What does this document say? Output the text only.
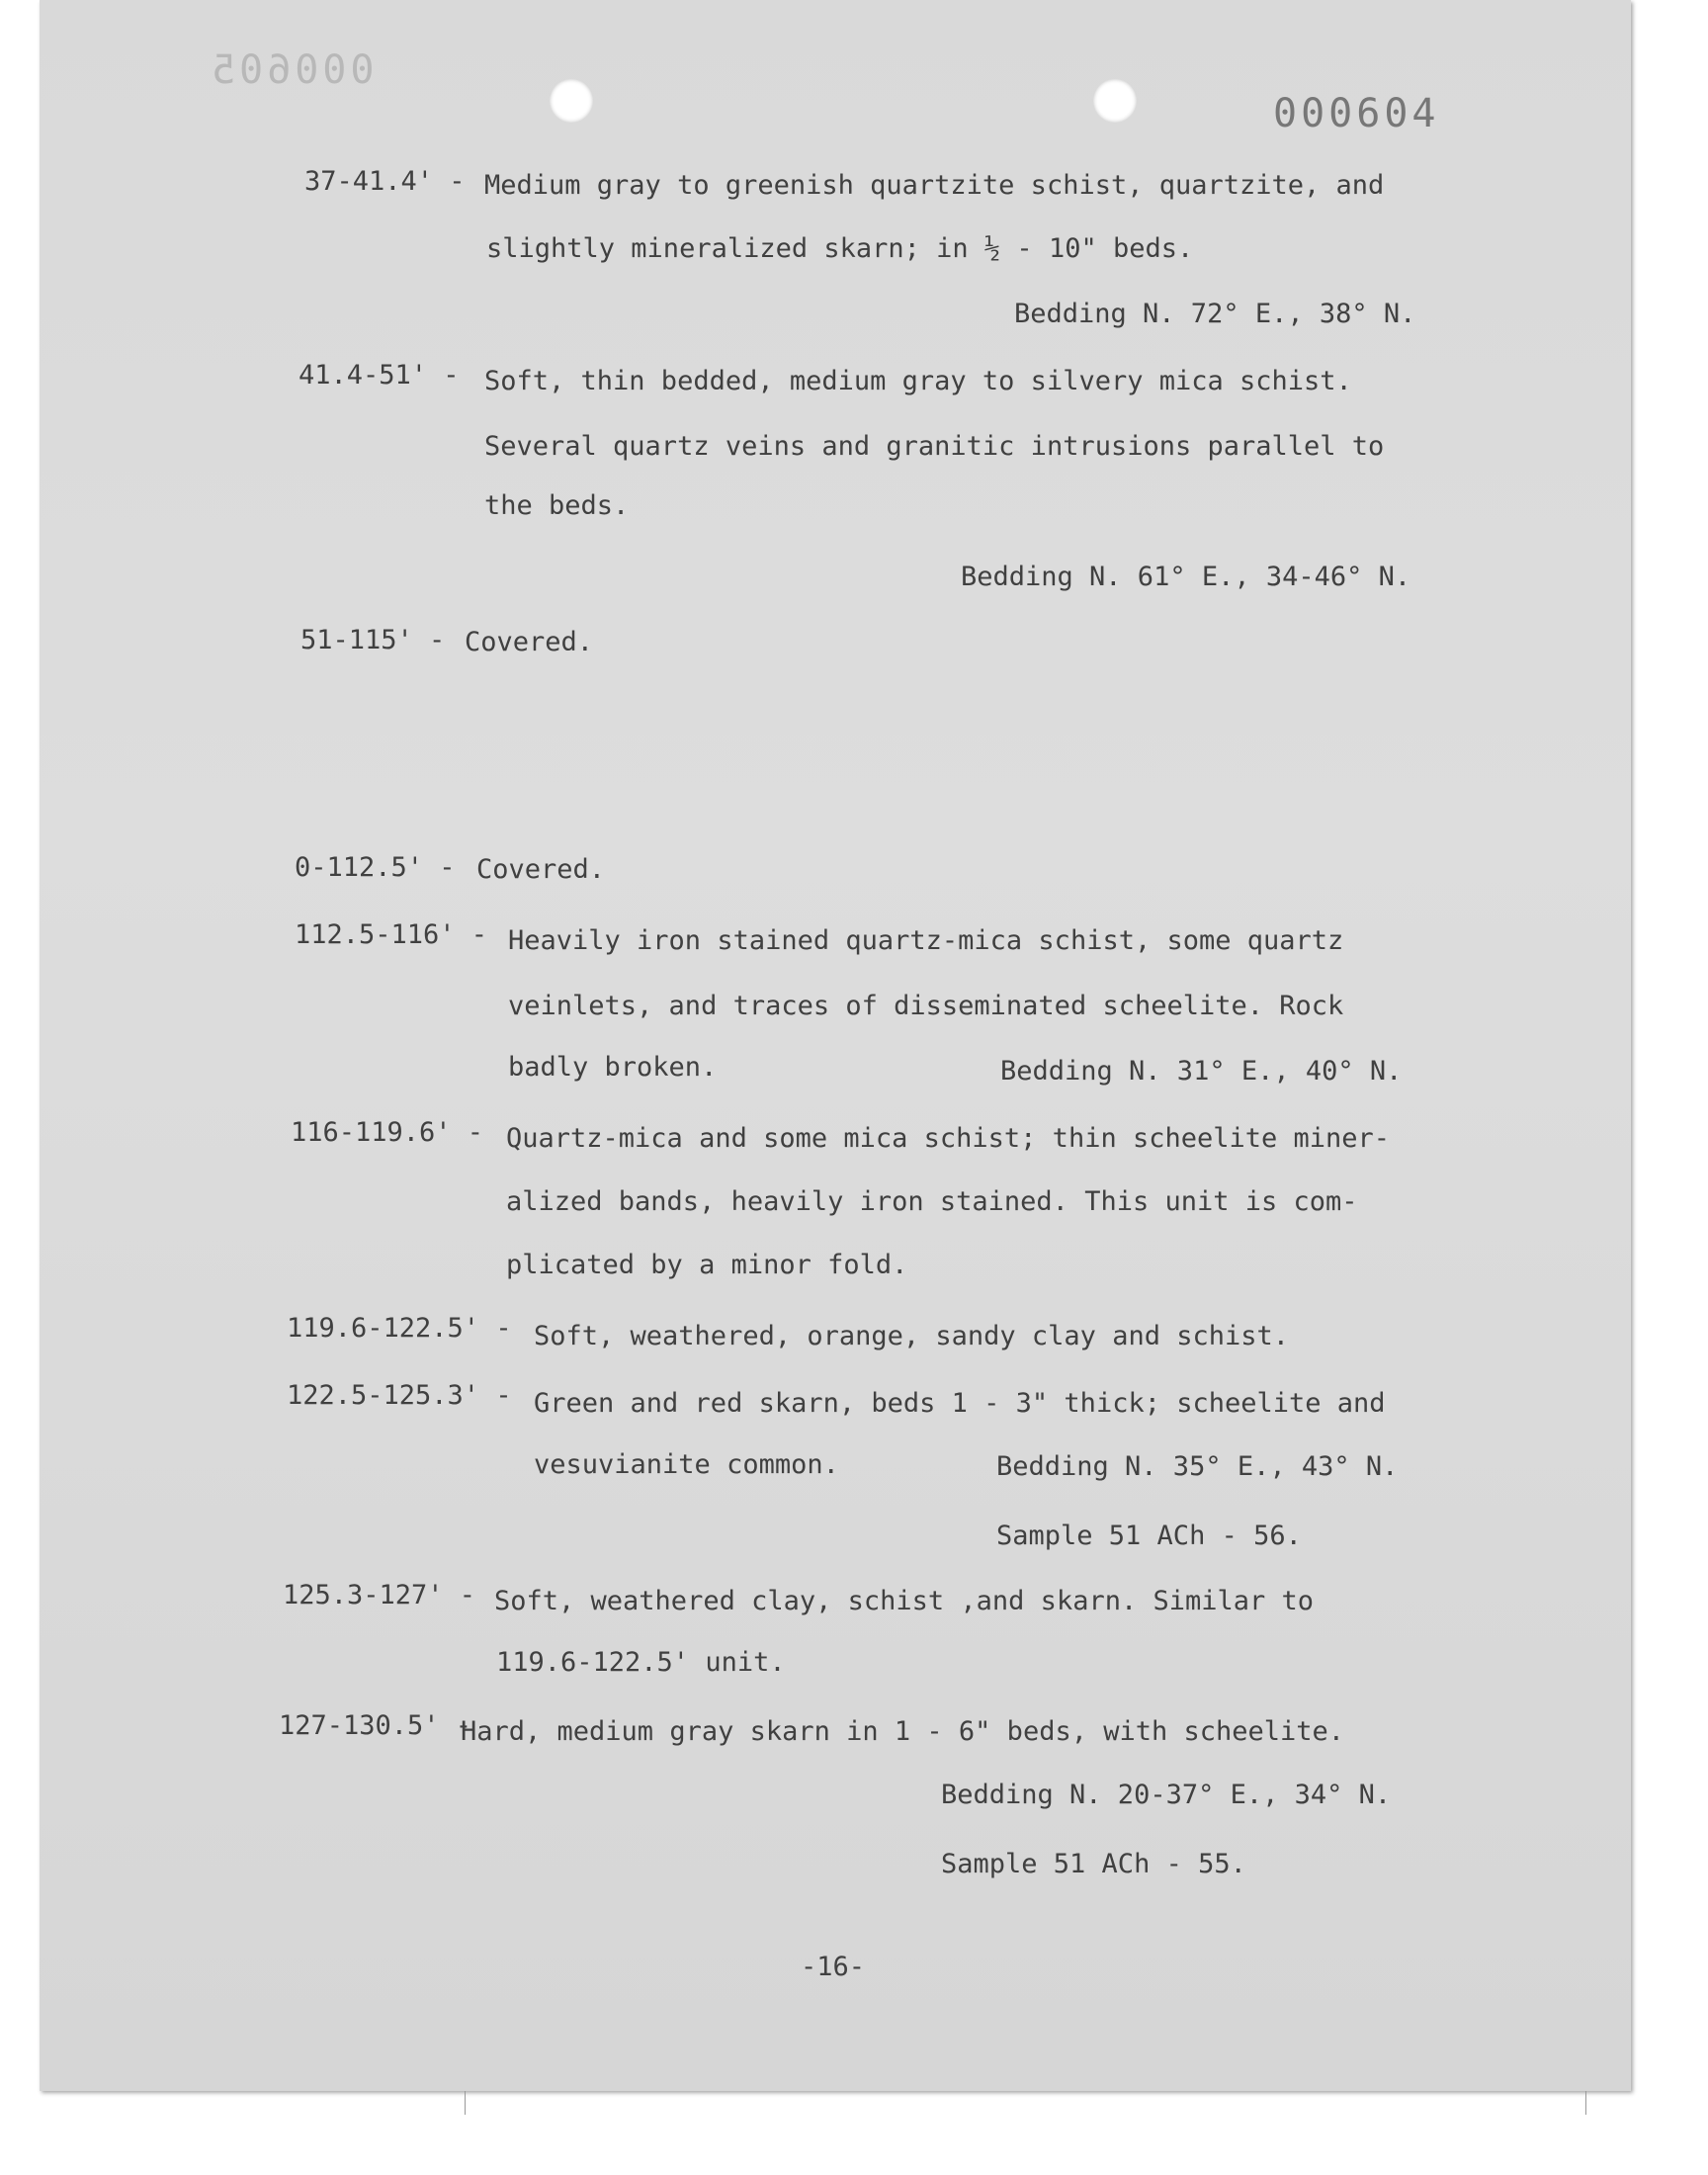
000605
000604
37-41.4' - Medium gray to greenish quartzite schist, quartzite, and
slightly mineralized skarn; in ½ - 10" beds.
Bedding N. 72° E., 38° N.
41.4-51' - Soft, thin bedded, medium gray to silvery mica schist.
Several quartz veins and granitic intrusions parallel to
the beds.
Bedding N. 61° E., 34-46° N.
51-115' - Covered.
0-112.5' - Covered.
112.5-116' - Heavily iron stained quartz-mica schist, some quartz
veinlets, and traces of disseminated scheelite. Rock
badly broken.	Bedding N. 31° E., 40° N.
116-119.6' - Quartz-mica and some mica schist; thin scheelite miner-
alized bands, heavily iron stained. This unit is com-
plicated by a minor fold.
119.6-122.5' - Soft, weathered, orange, sandy clay and schist.
122.5-125.3' - Green and red skarn, beds 1 - 3" thick; scheelite and
vesuvianite common.	Bedding N. 35° E., 43° N.
Sample 51 ACh - 56.
125.3-127' - Soft, weathered clay, schist ,and skarn. Similar to
119.6-122.5' unit.
127-130.5' -
Hard, medium gray skarn in 1 - 6" beds, with scheelite.
Bedding N. 20-37° E., 34° N.
Sample 51 ACh - 55.
-16-
